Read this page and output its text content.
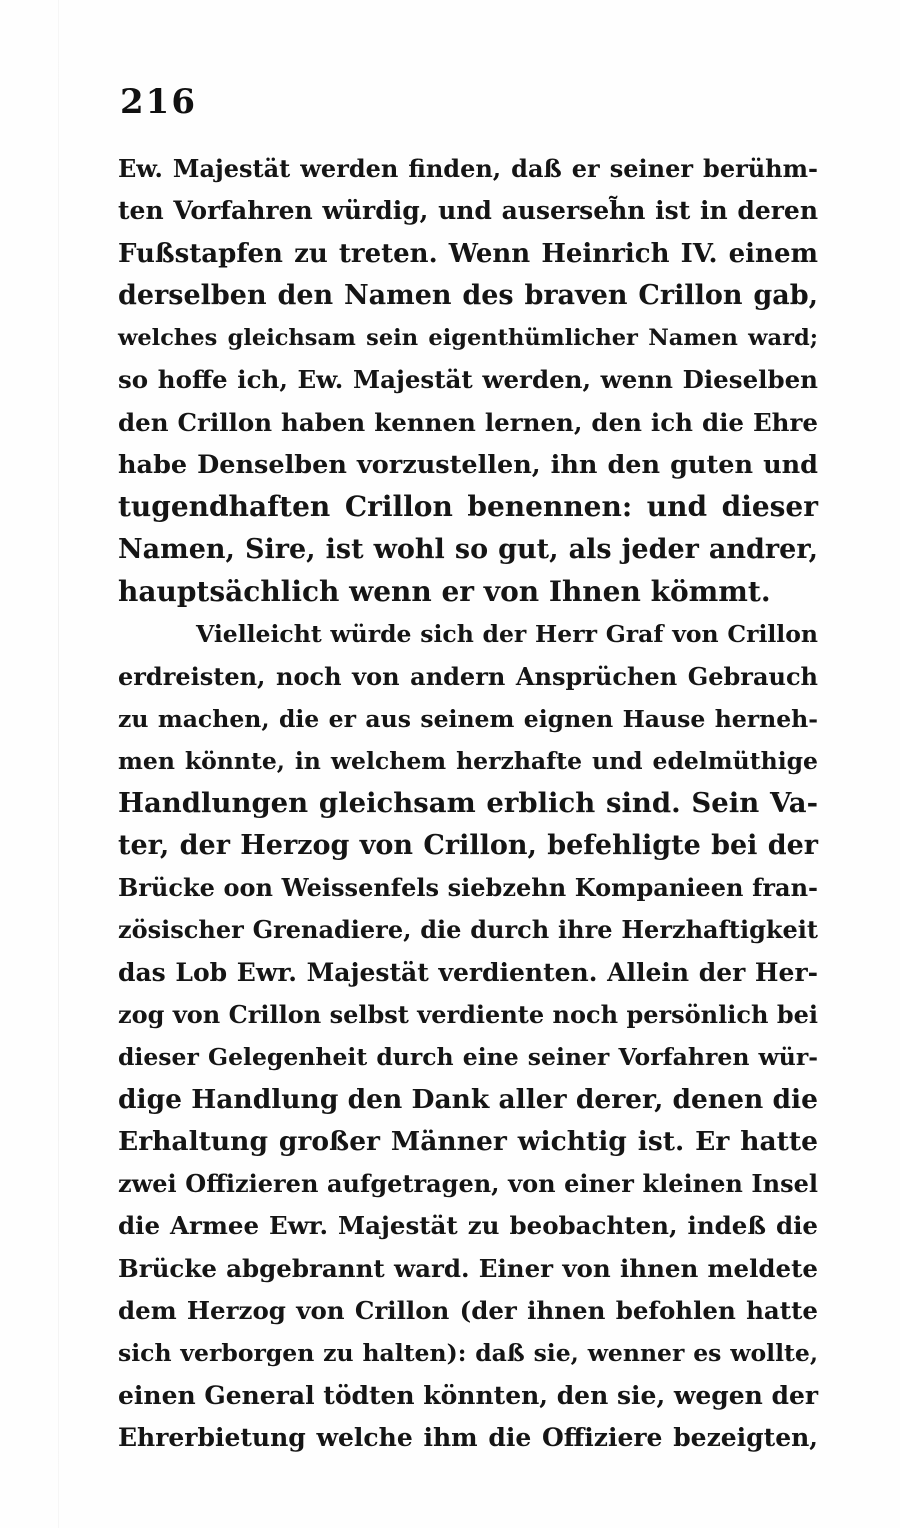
216
Ew. Majestät werden finden, daß er seiner berühm-
ten Vorfahren würdig, und auserseh̃n ist in deren
Fußstapfen zu treten. Wenn Heinrich IV. einem
derselben den Namen des braven Crillon gab,
welches gleichsam sein eigenthümlicher Namen ward;
so hoffe ich, Ew. Majestät werden, wenn Dieselben
den Crillon haben kennen lernen, den ich die Ehre
habe Denselben vorzustellen, ihn den guten und
tugendhaften Crillon benennen: und dieser
Namen, Sire, ist wohl so gut, als jeder andrer,
hauptsächlich wenn er von Ihnen kömmt.
Vielleicht würde sich der Herr Graf von Crillon
erdreisten, noch von andern Ansprüchen Gebrauch
zu machen, die er aus seinem eignen Hause herneh-
men könnte, in welchem herzhafte und edelmüthige
Handlungen gleichsam erblich sind. Sein Va-
ter, der Herzog von Crillon, befehligte bei der
Brücke oon Weissenfels siebzehn Kompanieen fran-
zösischer Grenadiere, die durch ihre Herzhaftigkeit
das Lob Ewr. Majestät verdienten. Allein der Her-
zog von Crillon selbst verdiente noch persönlich bei
dieser Gelegenheit durch eine seiner Vorfahren wür-
dige Handlung den Dank aller derer, denen die
Erhaltung großer Männer wichtig ist. Er hatte
zwei Offizieren aufgetragen, von einer kleinen Insel
die Armee Ewr. Majestät zu beobachten, indeß die
Brücke abgebrannt ward. Einer von ihnen meldete
dem Herzog von Crillon (der ihnen befohlen hatte
sich verborgen zu halten): daß sie, wenner es wollte,
einen General tödten könnten, den sie, wegen der
Ehrerbietung welche ihm die Offiziere bezeigten,
